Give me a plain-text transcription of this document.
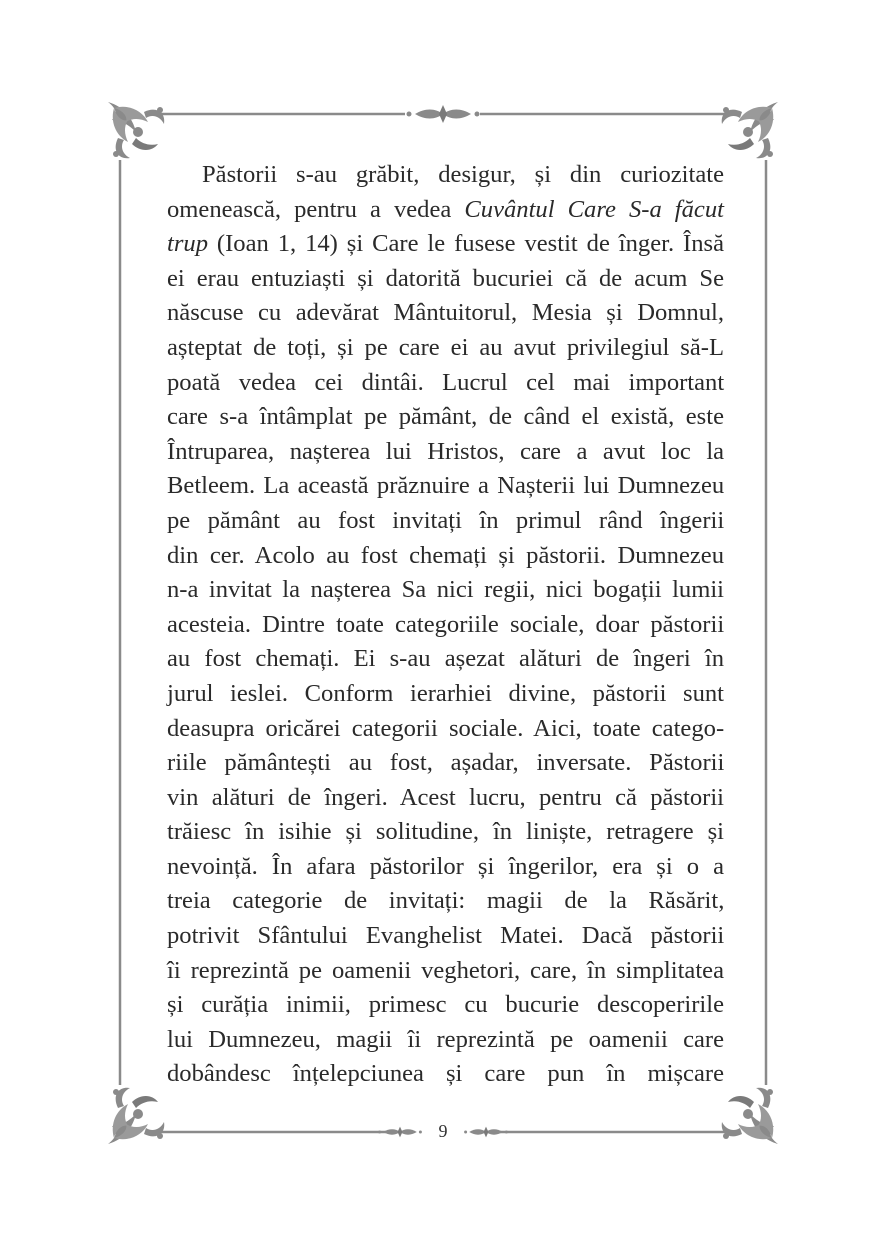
Păstorii s-au grăbit, desigur, și din curiozitate
omenească, pentru a vedea Cuvântul Care S-a făcut
trup (Ioan 1, 14) și Care le fusese vestit de înger. Însă
ei erau entuziaști și datorită bucuriei că de acum Se
născuse cu adevărat Mântuitorul, Mesia și Domnul,
așteptat de toți, și pe care ei au avut privilegiul să-L
poată vedea cei dintâi. Lucrul cel mai important
care s-a întâmplat pe pământ, de când el există, este
Întruparea, nașterea lui Hristos, care a avut loc la
Betleem. La această prăznuire a Nașterii lui Dumnezeu
pe pământ au fost invitați în primul rând îngerii
din cer. Acolo au fost chemați și păstorii. Dumnezeu
n-a invitat la nașterea Sa nici regii, nici bogații lumii
acesteia. Dintre toate categoriile sociale, doar păstorii
au fost chemați. Ei s-au așezat alături de îngeri în
jurul ieslei. Conform ierarhiei divine, păstorii sunt
deasupra oricărei categorii sociale. Aici, toate catego-
riile pământești au fost, așadar, inversate. Păstorii
vin alături de îngeri. Acest lucru, pentru că păstorii
trăiesc în isihie și solitudine, în liniște, retragere și
nevoință. În afara păstorilor și îngerilor, era și o a
treia categorie de invitați: magii de la Răsărit,
potrivit Sfântului Evanghelist Matei. Dacă păstorii
îi reprezintă pe oamenii veghetori, care, în simplitatea
și curăția inimii, primesc cu bucurie descoperirile
lui Dumnezeu, magii îi reprezintă pe oamenii care
dobândesc înțelepciunea și care pun în mișcare
9
